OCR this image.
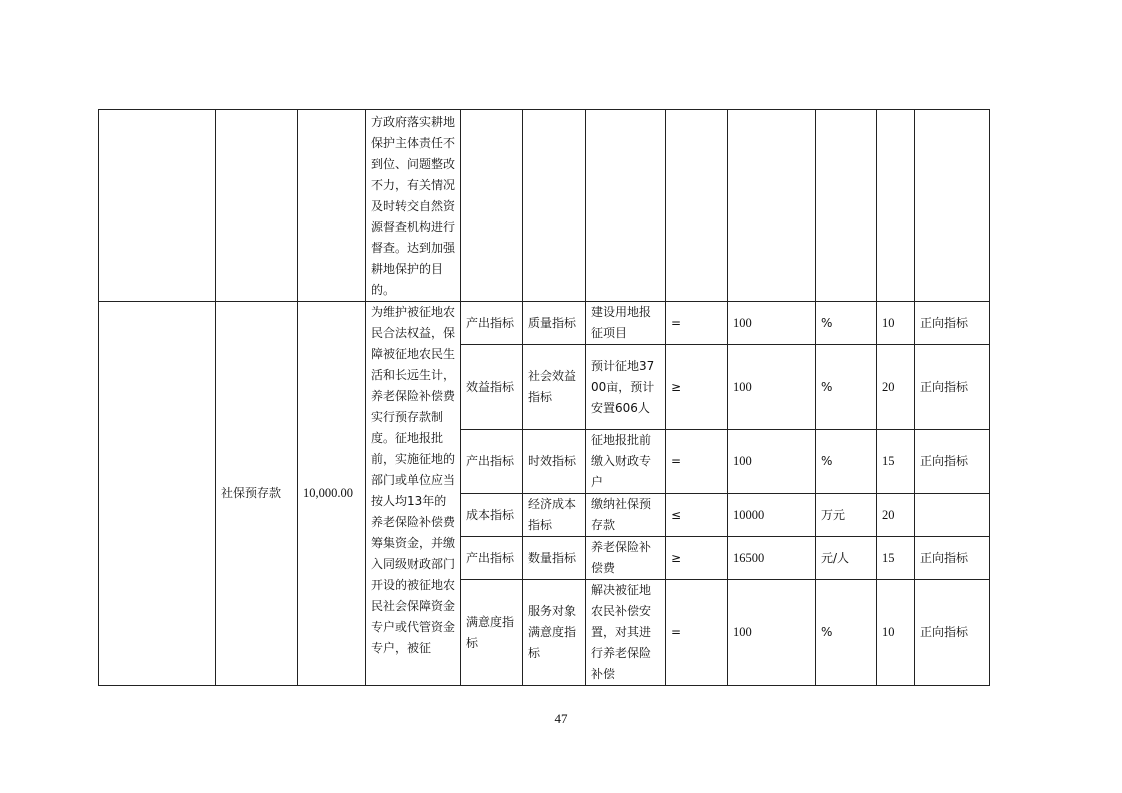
			方政府落实耕地保护主体责任不到位、问题整改不力，有关情况及时转交自然资源督查机构进行督查。达到加强耕地保护的目的。								
	社保预存款	10,000.00	为维护被征地农民合法权益，保障被征地农民生活和长远生计，养老保险补偿费实行预存款制度。征地报批前，实施征地的部门或单位应当按人均13年的养老保险补偿费筹集资金，并缴入同级财政部门开设的被征地农民社会保障资金专户或代管资金专户，被征	产出指标	质量指标	建设用地报征项目	=	100	%	10	正向指标
				效益指标	社会效益指标	预计征地3700亩，预计安置606人	≥	100	%	20	正向指标
				产出指标	时效指标	征地报批前缴入财政专户	=	100	%	15	正向指标
				成本指标	经济成本指标	缴纳社保预存款	≤	10000	万元	20	
				产出指标	数量指标	养老保险补偿费	≥	16500	元/人	15	正向指标
				满意度指标	服务对象满意度指标	解决被征地农民补偿安置，对其进行养老保险补偿	=	100	%	10	正向指标
47
